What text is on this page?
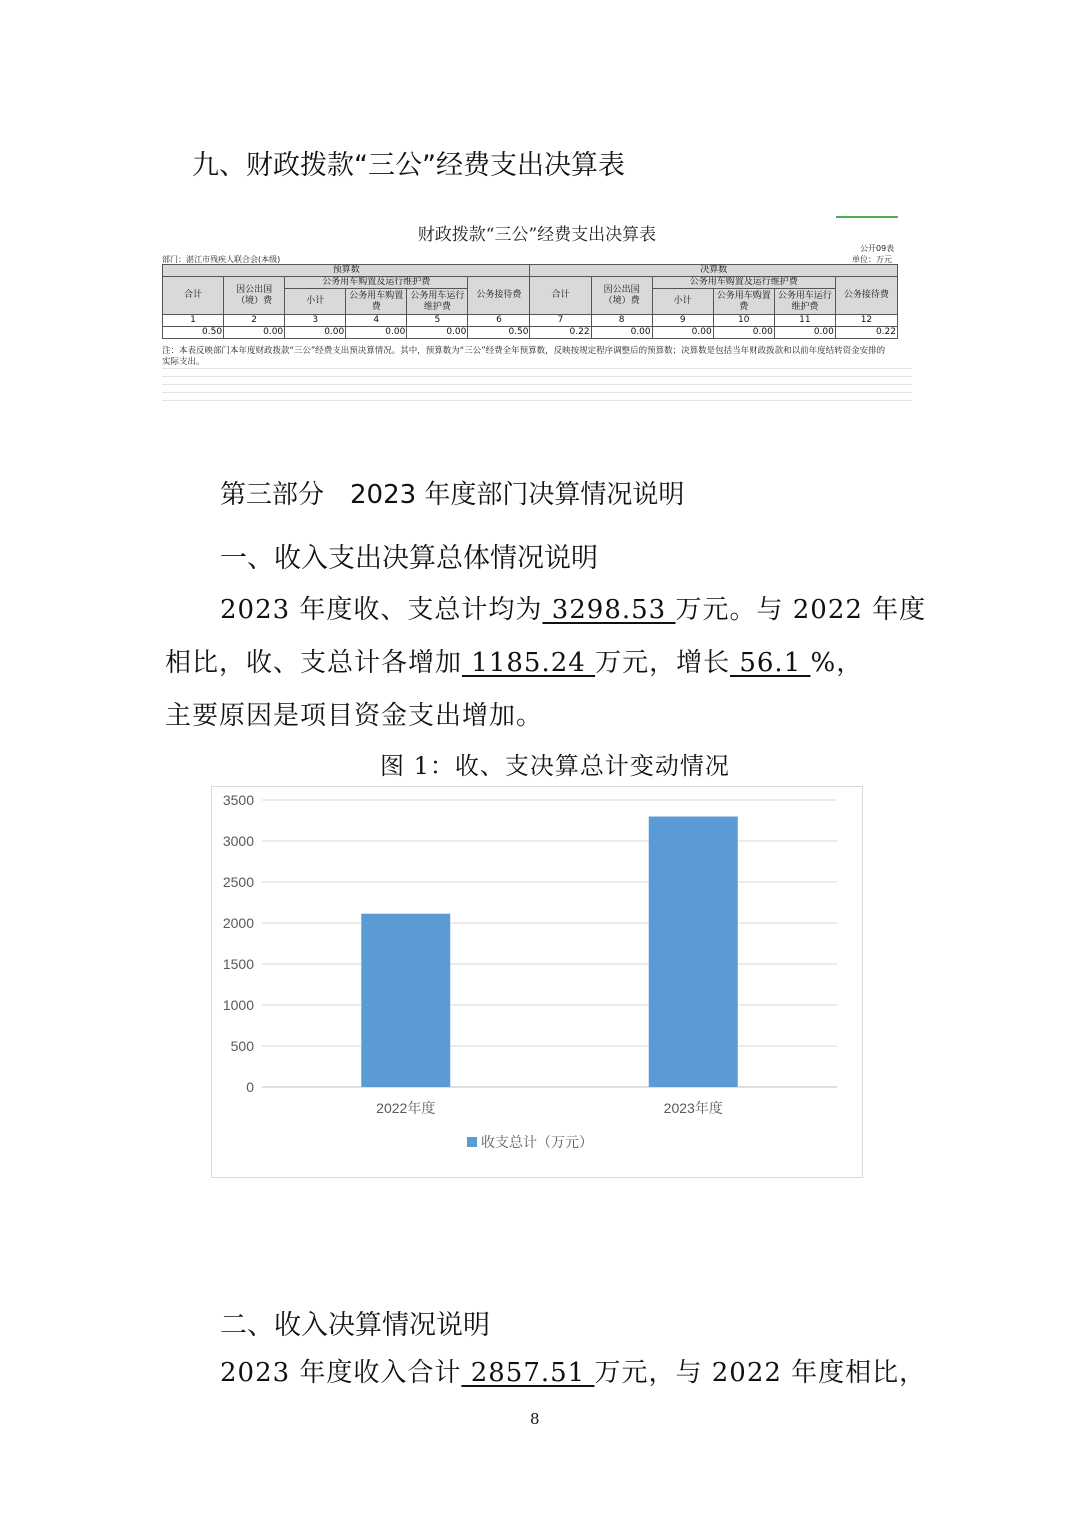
九、财政拨款“三公”经费支出决算表
财政拨款“三公”经费支出决算表
公开09表
单位：万元
部门：湛江市残疾人联合会(本级)
预算数						决算数					
合计	因公出国（境）费	公务用车购置及运行维护费			公务接待费	合计	因公出国（境）费	公务用车购置及运行维护费			公务接待费
		小计	公务用车购置费	公务用车运行维护费				小计	公务用车购置费	公务用车运行维护费	
1	2	3	4	5	6	7	8	9	10	11	12
0.50	0.00	0.00	0.00	0.00	0.50	0.22	0.00	0.00	0.00	0.00	0.22
注：本表反映部门本年度财政拨款“三公”经费支出预决算情况。其中，预算数为“三公”经费全年预算数，反映按规定程序调整后的预算数；决算数是包括当年财政拨款和以前年度结转资金安排的实际支出。
第三部分　2023 年度部门决算情况说明
一、收入支出决算总体情况说明
2023 年度收、支总计均为 3298.53 万元。与 2022 年度
相比，收、支总计各增加 1185.24 万元，增长 56.1 %，
主要原因是项目资金支出增加。
图 1：收、支决算总计变动情况
0
500
1000
1500
2000
2500
3000
3500
2022年度	2023年度
收支总计（万元）
二、收入决算情况说明
2023 年度收入合计 2857.51 万元，与 2022 年度相比，
8
